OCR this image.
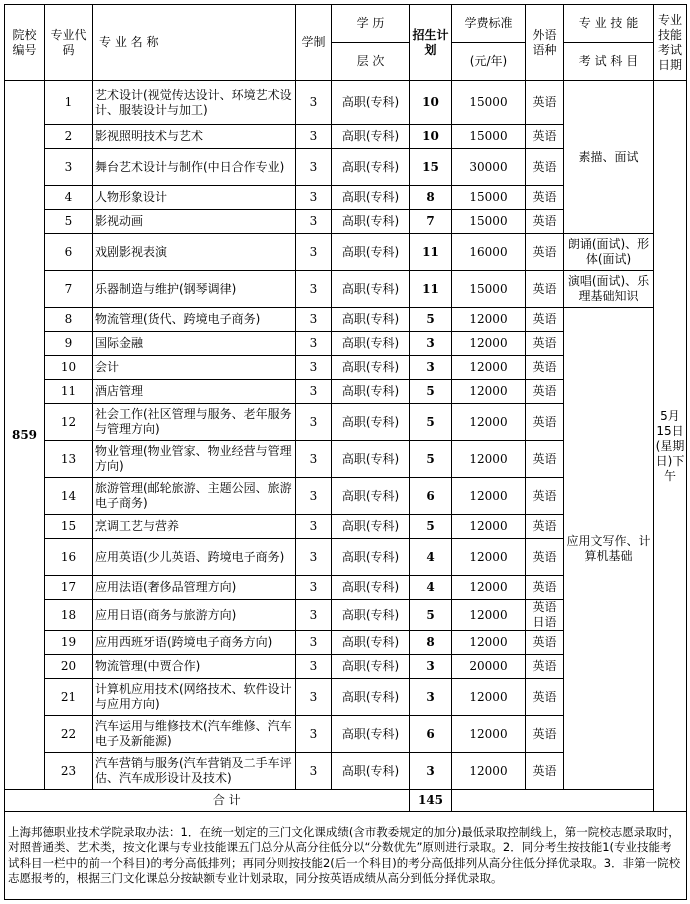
院校编号	专业代码	专 业 名 称	学制	学 历	招生计划	学费标准	外语语种	专 业 技 能	专业技能考试日期
				层 次		(元/年)		考 试 科 目	
859	1	艺术设计(视觉传达设计、环境艺术设计、服装设计与加工)	3	高职(专科)	10	15000	英语	素描、面试	5月15日(星期日)下午
	2	影视照明技术与艺术	3	高职(专科)	10	15000	英语		
	3	舞台艺术设计与制作(中日合作专业)	3	高职(专科)	15	30000	英语		
	4	人物形象设计	3	高职(专科)	8	15000	英语		
	5	影视动画	3	高职(专科)	7	15000	英语		
	6	戏剧影视表演	3	高职(专科)	11	16000	英语	朗诵(面试)、形体(面试)	
	7	乐器制造与维护(钢琴调律)	3	高职(专科)	11	15000	英语	演唱(面试)、乐理基础知识	
	8	物流管理(货代、跨境电子商务)	3	高职(专科)	5	12000	英语	应用文写作、计算机基础	
	9	国际金融	3	高职(专科)	3	12000	英语		
	10	会计	3	高职(专科)	3	12000	英语		
	11	酒店管理	3	高职(专科)	5	12000	英语		
	12	社会工作(社区管理与服务、老年服务与管理方向)	3	高职(专科)	5	12000	英语		
	13	物业管理(物业管家、物业经营与管理方向)	3	高职(专科)	5	12000	英语		
	14	旅游管理(邮轮旅游、主题公园、旅游电子商务)	3	高职(专科)	6	12000	英语		
	15	烹调工艺与营养	3	高职(专科)	5	12000	英语		
	16	应用英语(少儿英语、跨境电子商务)	3	高职(专科)	4	12000	英语		
	17	应用法语(奢侈品管理方向)	3	高职(专科)	4	12000	英语		
	18	应用日语(商务与旅游方向)	3	高职(专科)	5	12000	英语日语		
	19	应用西班牙语(跨境电子商务方向)	3	高职(专科)	8	12000	英语		
	20	物流管理(中贾合作)	3	高职(专科)	3	20000	英语		
	21	计算机应用技术(网络技术、软件设计与应用方向)	3	高职(专科)	3	12000	英语		
	22	汽车运用与维修技术(汽车维修、汽车电子及新能源)	3	高职(专科)	6	12000	英语		
	23	汽车营销与服务(汽车营销及二手车评估、汽车成形设计及技术)	3	高职(专科)	3	12000	英语		
	合 计				145				
上海邦德职业技术学院录取办法：1．在统一划定的三门文化课成绩(含市教委规定的加分)最低录取控制线上，第一院校志愿录取时，对照普通类、艺术类，按文化课与专业技能课五门总分从高分往低分以“分数优先”原则进行录取。2．同分考生按技能1(专业技能考试科目一栏中的前一个科目)的考分高低排列；再同分则按技能2(后一个科目)的考分高低排列从高分往低分择优录取。3．非第一院校志愿报考的，根据三门文化课总分按缺额专业计划录取，同分按英语成绩从高分到低分择优录取。									
